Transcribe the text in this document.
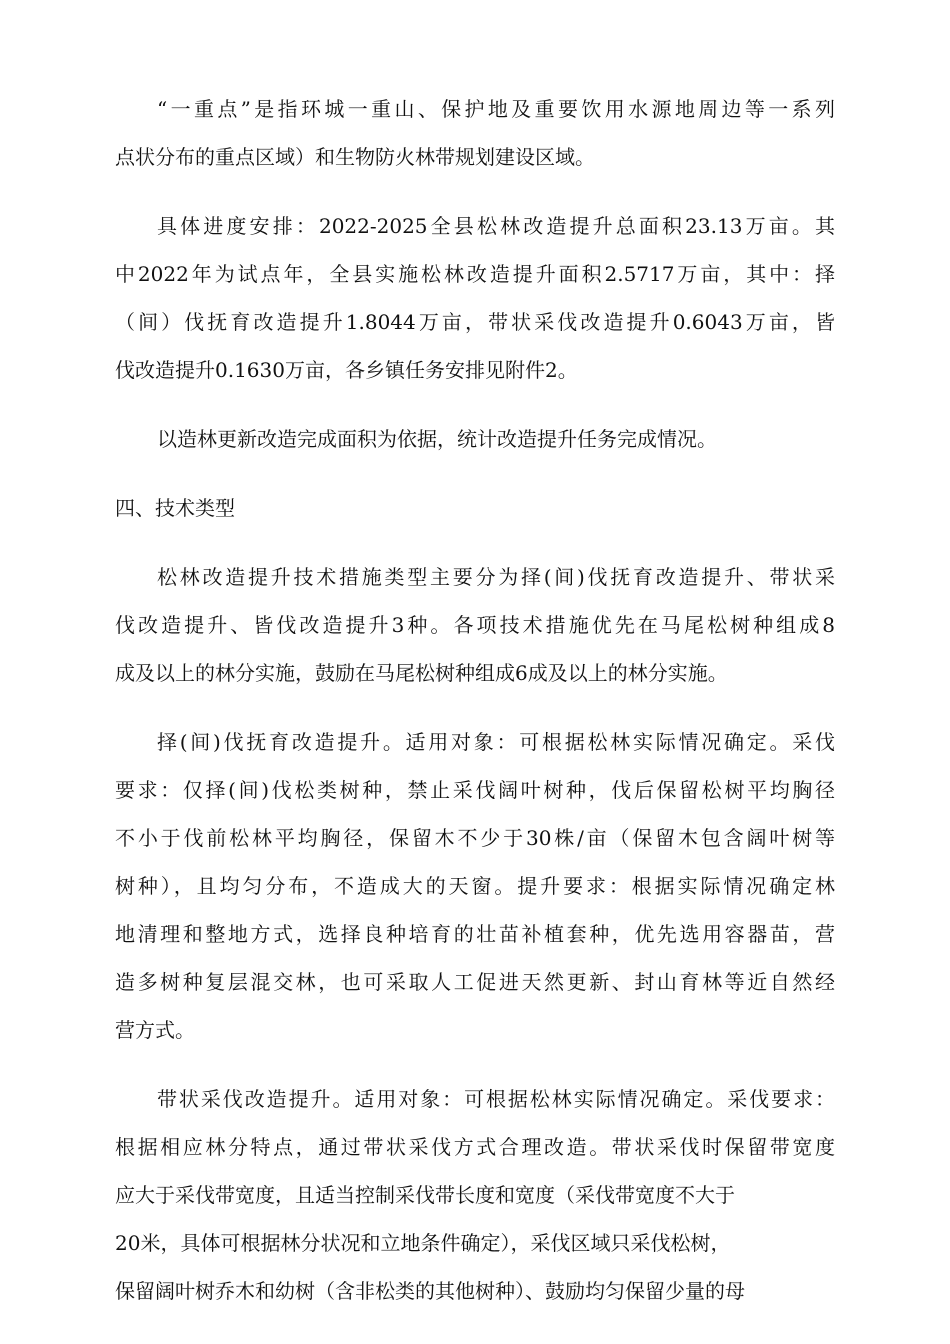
“一重点”是指环城一重山、保护地及重要饮用水源地周边等一系列
点状分布的重点区域）和生物防火林带规划建设区域。
具体进度安排：2022-2025全县松林改造提升总面积23.13万亩。其
中2022年为试点年，全县实施松林改造提升面积2.5717万亩，其中：择
（间）伐抚育改造提升1.8044万亩，带状采伐改造提升0.6043万亩，皆
伐改造提升0.1630万亩，各乡镇任务安排见附件2。
以造林更新改造完成面积为依据，统计改造提升任务完成情况。
四、技术类型
松林改造提升技术措施类型主要分为择(间)伐抚育改造提升、带状采
伐改造提升、皆伐改造提升3种。各项技术措施优先在马尾松树种组成8
成及以上的林分实施，鼓励在马尾松树种组成6成及以上的林分实施。
择(间)伐抚育改造提升。适用对象：可根据松林实际情况确定。采伐
要求：仅择(间)伐松类树种，禁止采伐阔叶树种，伐后保留松树平均胸径
不小于伐前松林平均胸径，保留木不少于30株/亩（保留木包含阔叶树等
树种），且均匀分布，不造成大的天窗。提升要求：根据实际情况确定林
地清理和整地方式，选择良种培育的壮苗补植套种，优先选用容器苗，营
造多树种复层混交林，也可采取人工促进天然更新、封山育林等近自然经
营方式。
带状采伐改造提升。适用对象：可根据松林实际情况确定。采伐要求：
根据相应林分特点，通过带状采伐方式合理改造。带状采伐时保留带宽度
应大于采伐带宽度，且适当控制采伐带长度和宽度（采伐带宽度不大于
20米，具体可根据林分状况和立地条件确定），采伐区域只采伐松树，
保留阔叶树乔木和幼树（含非松类的其他树种）、鼓励均匀保留少量的母
